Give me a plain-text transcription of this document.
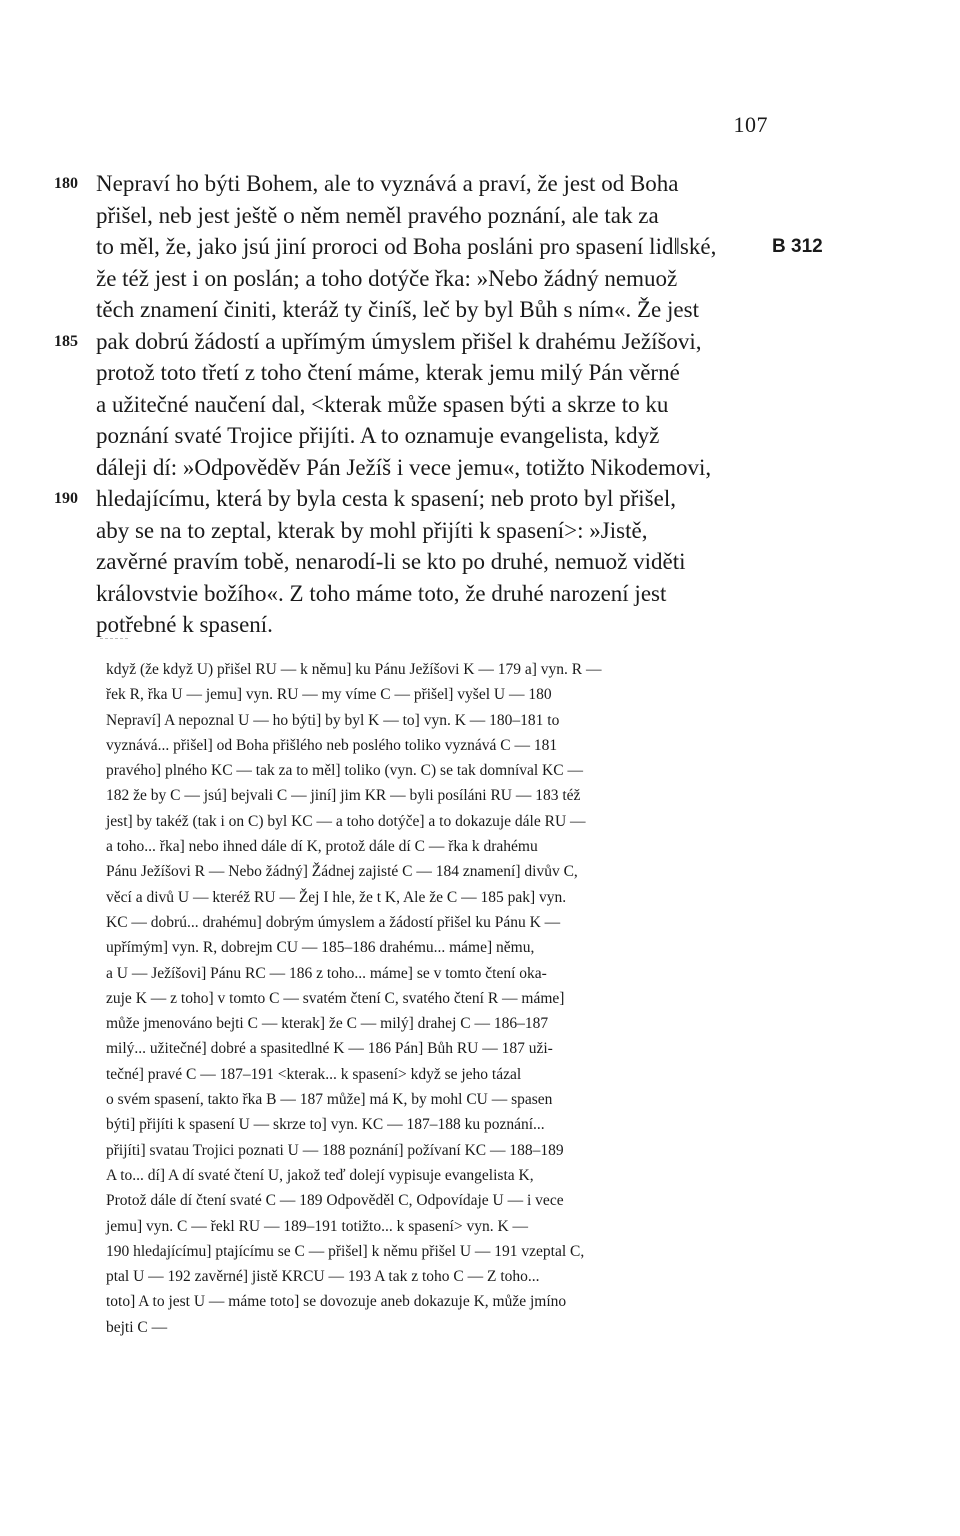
107
180 Nepraví ho býti Bohem, ale to vyznává a praví, že jest od Boha
přišel, neb jest ještě o něm neměl pravého poznání, ale tak za
to měl, že, jako jsú jiní proroci od Boha posláni pro spasení lid‖ské,	B 312
že též jest i on poslán; a toho dotýče řka: »Nebo žádný nemuož
těch znamení činiti, kteráž ty činíš, leč by byl Bůh s ním«. Že jest
185 pak dobrú žádostí a upřímým úmyslem přišel k drahému Ježíšovi,
protož toto třetí z toho čtení máme, kterak jemu milý Pán věrné
a užitečné naučení dal, <kterak může spasen býti a skrze to ku
poznání svaté Trojice přijíti. A to oznamuje evangelista, když
dáleji dí: »Odpověděv Pán Ježíš i vece jemu«, totižto Nikodemovi,
190 hledajícímu, která by byla cesta k spasení; neb proto byl přišel,
aby se na to zeptal, kterak by mohl přijíti k spasení>: »Jistě,
zavěrné pravím tobě, nenarodí-li se kto po druhé, nemuož viděti
královstvie božího«. Z toho máme toto, že druhé narození jest
potřebné k spasení.
když (že když U) přišel RU — k němu] ku Pánu Ježíšovi K — 179 a] vyn. R —
řek R, řka U — jemu] vyn. RU — my víme C — přišel] vyšel U — 180
Nepraví] A nepoznal U — ho býti] by byl K — to] vyn. K — 180–181 to
vyznává... přišel] od Boha přišlého neb poslého toliko vyznává C — 181
pravého] plného KC — tak za to měl] toliko (vyn. C) se tak domníval KC —
182 že by C — jsú] bejvali C — jiní] jim KR — byli posíláni RU — 183 též
jest] by takéž (tak i on C) byl KC — a toho dotýče] a to dokazuje dále RU —
a toho... řka] nebo ihned dále dí K, protož dále dí C — řka k drahému
Pánu Ježíšovi R — Nebo žádný] Žádnej zajisté C — 184 znamení] divův C,
věcí a divů U — kteréž RU — Žej I hle, že t K, Ale že C — 185 pak] vyn.
KC — dobrú... drahému] dobrým úmyslem a žádostí přišel ku Pánu K —
upřímým] vyn. R, dobrejm CU — 185–186 drahému... máme] němu,
a U — Ježíšovi] Pánu RC — 186 z toho... máme] se v tomto čtení oka-
zuje K — z toho] v tomto C — svatém čtení C, svatého čtení R — máme]
může jmenováno bejti C — kterak] že C — milý] drahej C — 186–187
milý... užitečné] dobré a spasitedlné K — 186 Pán] Bůh RU — 187 uži-
tečné] pravé C — 187–191 <kterak... k spasení> když se jeho tázal
o svém spasení, takto řka B — 187 může] má K, by mohl CU — spasen
býti] přijíti k spasení U — skrze to] vyn. KC — 187–188 ku poznání...
přijíti] svatau Trojici poznati U — 188 poznání] požívaní KC — 188–189
A to... dí] A dí svaté čtení U, jakož teď dolejí vypisuje evangelista K,
Protož dále dí čtení svaté C — 189 Odpověděl C, Odpovídaje U — i vece
jemu] vyn. C — řekl RU — 189–191 totižto... k spasení> vyn. K —
190 hledajícímu] ptajícímu se C — přišel] k němu přišel U — 191 vzeptal C,
ptal U — 192 zavěrné] jistě KRCU — 193 A tak z toho C — Z toho...
toto] A to jest U — máme toto] se dovozuje aneb dokazuje K, může jmíno
bejti C —
